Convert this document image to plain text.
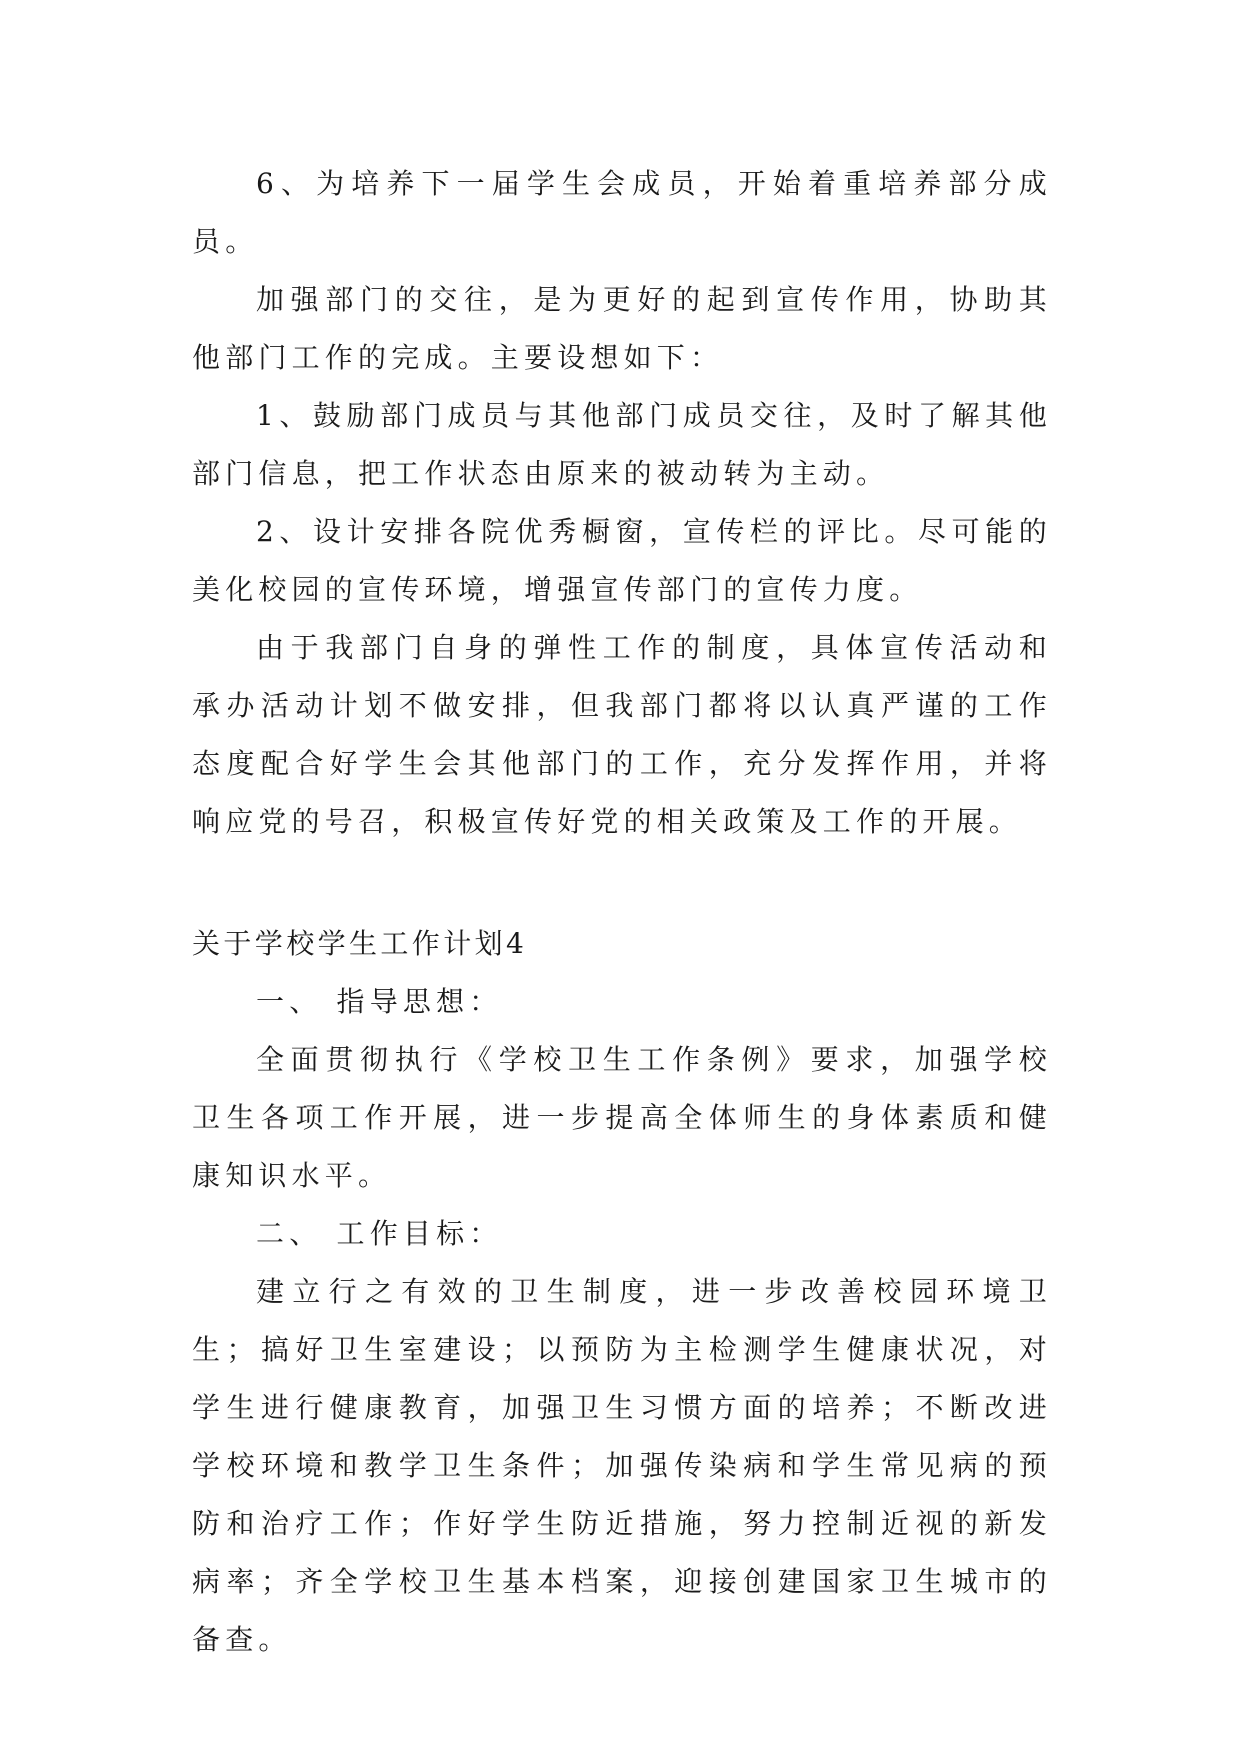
6、为培养下一届学生会成员，开始着重培养部分成员。

加强部门的交往，是为更好的起到宣传作用，协助其他部门工作的完成。主要设想如下：

1、鼓励部门成员与其他部门成员交往，及时了解其他部门信息，把工作状态由原来的被动转为主动。

2、设计安排各院优秀橱窗，宣传栏的评比。尽可能的美化校园的宣传环境，增强宣传部门的宣传力度。

由于我部门自身的弹性工作的制度，具体宣传活动和承办活动计划不做安排，但我部门都将以认真严谨的工作态度配合好学生会其他部门的工作，充分发挥作用，并将响应党的号召，积极宣传好党的相关政策及工作的开展。

关于学校学生工作计划4

一、 指导思想：

全面贯彻执行《学校卫生工作条例》要求，加强学校卫生各项工作开展，进一步提高全体师生的身体素质和健康知识水平。

二、 工作目标：

建立行之有效的卫生制度，进一步改善校园环境卫生；搞好卫生室建设；以预防为主检测学生健康状况，对学生进行健康教育，加强卫生习惯方面的培养；不断改进学校环境和教学卫生条件；加强传染病和学生常见病的预防和治疗工作；作好学生防近措施，努力控制近视的新发病率；齐全学校卫生基本档案，迎接创建国家卫生城市的备查。
